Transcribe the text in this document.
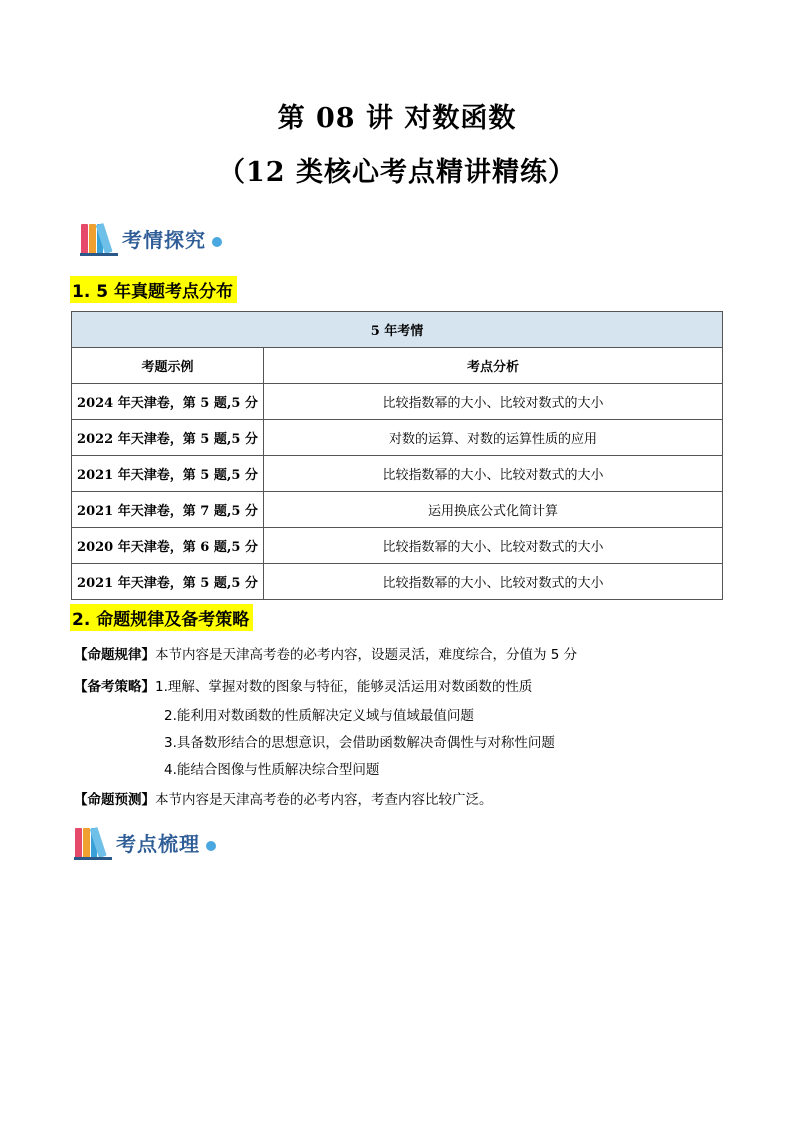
第 08 讲 对数函数
（12 类核心考点精讲精练）
考情探究
1. 5 年真题考点分布
5 年考情	
考题示例	考点分析
2024 年天津卷，第 5 题,5 分	比较指数幂的大小、比较对数式的大小
2022 年天津卷，第 5 题,5 分	对数的运算、对数的运算性质的应用
2021 年天津卷，第 5 题,5 分	比较指数幂的大小、比较对数式的大小
2021 年天津卷，第 7 题,5 分	运用换底公式化简计算
2020 年天津卷，第 6 题,5 分	比较指数幂的大小、比较对数式的大小
2021 年天津卷，第 5 题,5 分	比较指数幂的大小、比较对数式的大小
2. 命题规律及备考策略
【命题规律】本节内容是天津高考卷的必考内容，设题灵活，难度综合，分值为 5 分
【备考策略】1.理解、掌握对数的图象与特征，能够灵活运用对数函数的性质
2.能利用对数函数的性质解决定义域与值域最值问题
3.具备数形结合的思想意识，会借助函数解决奇偶性与对称性问题
4.能结合图像与性质解决综合型问题
【命题预测】本节内容是天津高考卷的必考内容，考查内容比较广泛。
考点梳理
